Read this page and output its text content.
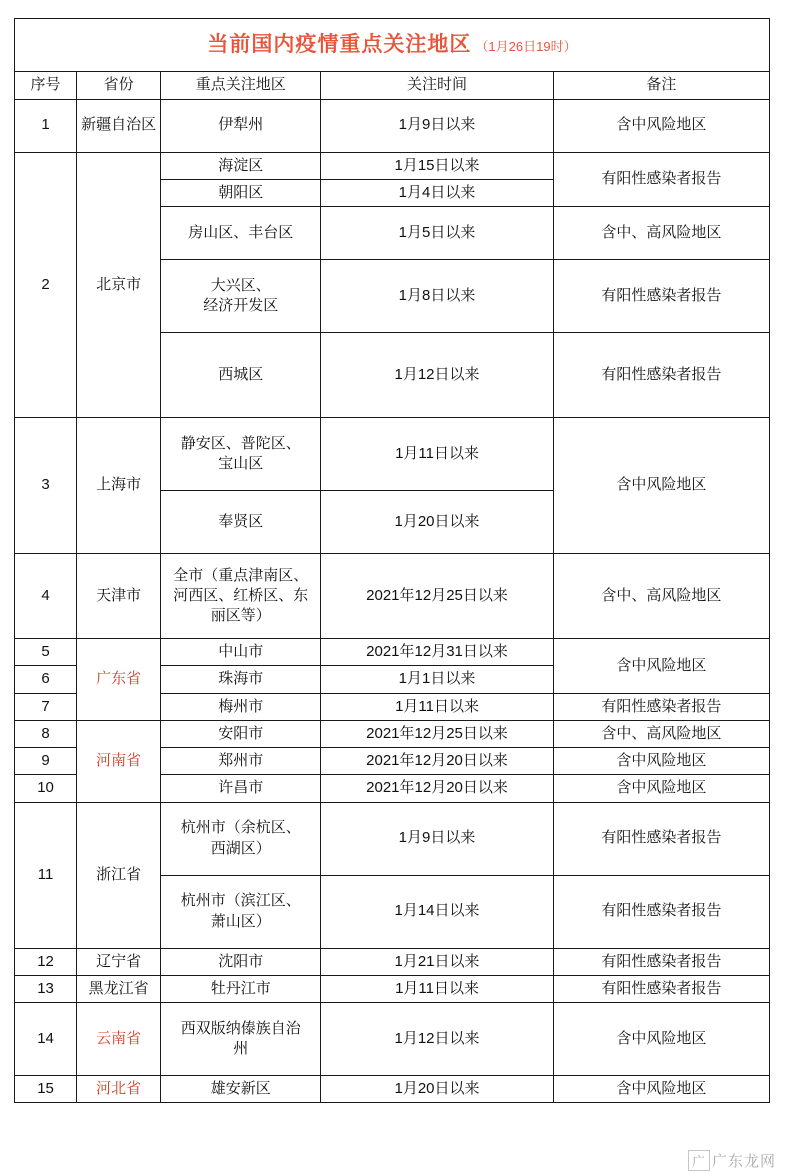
当前国内疫情重点关注地区 （1月26日19时）				
序号	省份	重点关注地区	关注时间	备注
1	新疆自治区	伊犁州	1月9日以来	含中风险地区
2	北京市	海淀区	1月15日以来	有阳性感染者报告
		朝阳区	1月4日以来	
		房山区、丰台区	1月5日以来	含中、高风险地区
		大兴区、
经济开发区	1月8日以来	有阳性感染者报告
		西城区	1月12日以来	有阳性感染者报告
3	上海市	静安区、普陀区、
宝山区	1月11日以来	含中风险地区
		奉贤区	1月20日以来	
4	天津市	全市（重点津南区、
河西区、红桥区、东
丽区等）	2021年12月25日以来	含中、高风险地区
5	广东省	中山市	2021年12月31日以来	含中风险地区
6		珠海市	1月1日以来	
7		梅州市	1月11日以来	有阳性感染者报告
8	河南省	安阳市	2021年12月25日以来	含中、高风险地区
9		郑州市	2021年12月20日以来	含中风险地区
10		许昌市	2021年12月20日以来	含中风险地区
11	浙江省	杭州市（余杭区、
西湖区）	1月9日以来	有阳性感染者报告
		杭州市（滨江区、
萧山区）	1月14日以来	有阳性感染者报告
12	辽宁省	沈阳市	1月21日以来	有阳性感染者报告
13	黑龙江省	牡丹江市	1月11日以来	有阳性感染者报告
14	云南省	西双版纳傣族自治
州	1月12日以来	含中风险地区
15	河北省	雄安新区	1月20日以来	含中风险地区
广 广东龙网
